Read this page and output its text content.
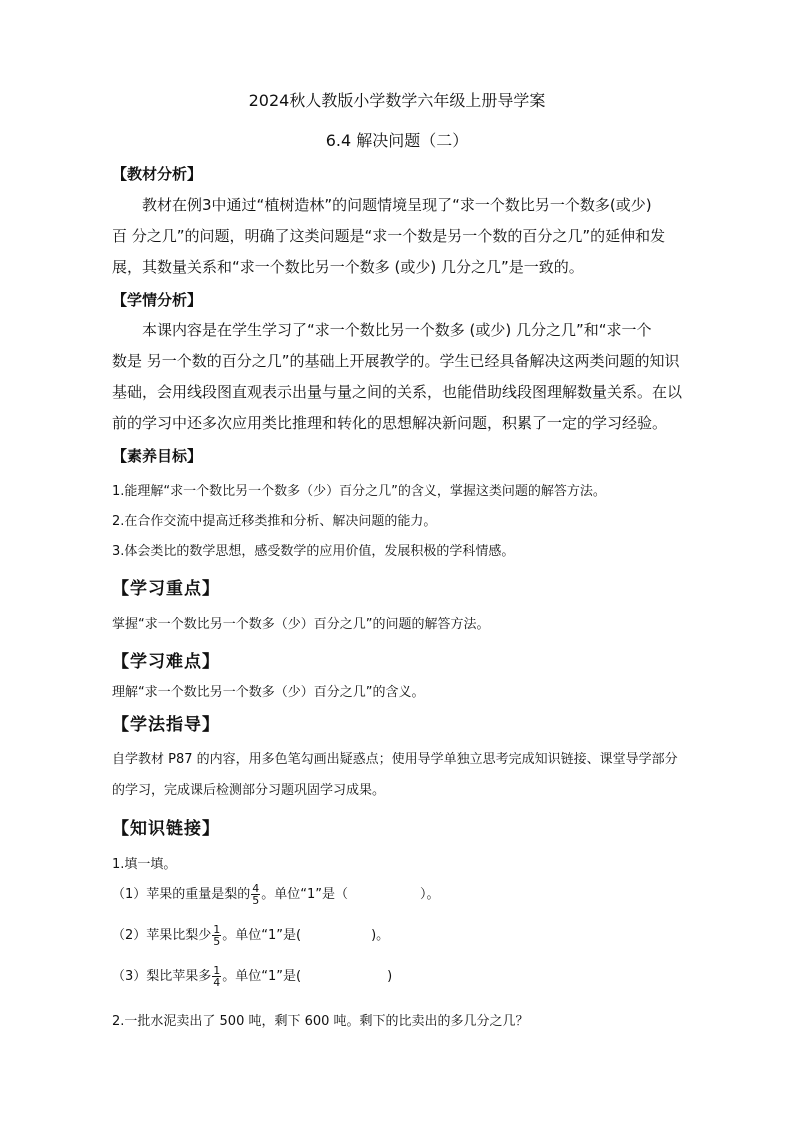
2024秋人教版小学数学六年级上册导学案
6.4 解决问题（二）
【教材分析】
教材在例3中通过“植树造林”的问题情境呈现了“求一个数比另一个数多(或少)
百 分之几”的问题，明确了这类问题是“求一个数是另一个数的百分之几”的延伸和发
展，其数量关系和“求一个数比另一个数多 (或少) 几分之几”是一致的。
【学情分析】
本课内容是在学生学习了“求一个数比另一个数多 (或少) 几分之几”和“求一个
数是 另一个数的百分之几”的基础上开展教学的。学生已经具备解决这两类问题的知识
基础，会用线段图直观表示出量与量之间的关系，也能借助线段图理解数量关系。在以
前的学习中还多次应用类比推理和转化的思想解决新问题，积累了一定的学习经验。
【素养目标】
1.能理解“求一个数比另一个数多（少）百分之几”的含义，掌握这类问题的解答方法。
2.在合作交流中提高迁移类推和分析、解决问题的能力。
3.体会类比的数学思想，感受数学的应用价值，发展积极的学科情感。
【学习重点】
掌握“求一个数比另一个数多（少）百分之几”的问题的解答方法。
【学习难点】
理解“求一个数比另一个数多（少）百分之几”的含义。
【学法指导】
自学教材 P87 的内容，用多色笔勾画出疑惑点；使用导学单独立思考完成知识链接、课堂导学部分
的学习，完成课后检测部分习题巩固学习成果。
【知识链接】
1.填一填。
（1）苹果的重量是梨的 $\frac{4}{5}$ 。单位“1”是（	）。
（2）苹果比梨少 $\frac{1}{5}$ 。单位“1”是(	)。
（3）梨比苹果多 $\frac{1}{4}$ 。单位“1”是(	)
2.一批水泥卖出了 500 吨，剩下 600 吨。剩下的比卖出的多几分之几？
